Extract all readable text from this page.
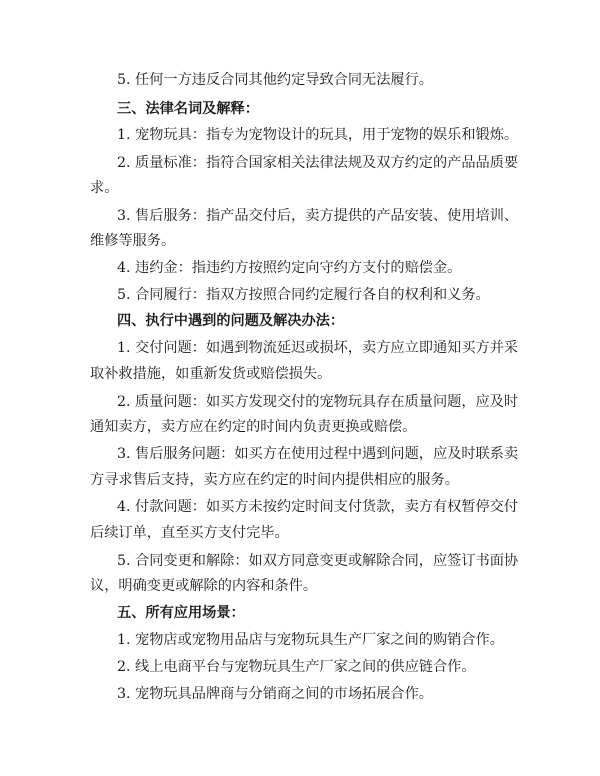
5. 任何一方违反合同其他约定导致合同无法履行。
三、法律名词及解释：
1. 宠物玩具：指专为宠物设计的玩具，用于宠物的娱乐和锻炼。
2. 质量标准：指符合国家相关法律法规及双方约定的产品品质要
求。
3. 售后服务：指产品交付后，卖方提供的产品安装、使用培训、
维修等服务。
4. 违约金：指违约方按照约定向守约方支付的赔偿金。
5. 合同履行：指双方按照合同约定履行各自的权利和义务。
四、执行中遇到的问题及解决办法：
1. 交付问题：如遇到物流延迟或损坏，卖方应立即通知买方并采
取补救措施，如重新发货或赔偿损失。
2. 质量问题：如买方发现交付的宠物玩具存在质量问题，应及时
通知卖方，卖方应在约定的时间内负责更换或赔偿。
3. 售后服务问题：如买方在使用过程中遇到问题，应及时联系卖
方寻求售后支持，卖方应在约定的时间内提供相应的服务。
4. 付款问题：如买方未按约定时间支付货款，卖方有权暂停交付
后续订单，直至买方支付完毕。
5. 合同变更和解除：如双方同意变更或解除合同，应签订书面协
议，明确变更或解除的内容和条件。
五、所有应用场景：
1. 宠物店或宠物用品店与宠物玩具生产厂家之间的购销合作。
2. 线上电商平台与宠物玩具生产厂家之间的供应链合作。
3. 宠物玩具品牌商与分销商之间的市场拓展合作。
